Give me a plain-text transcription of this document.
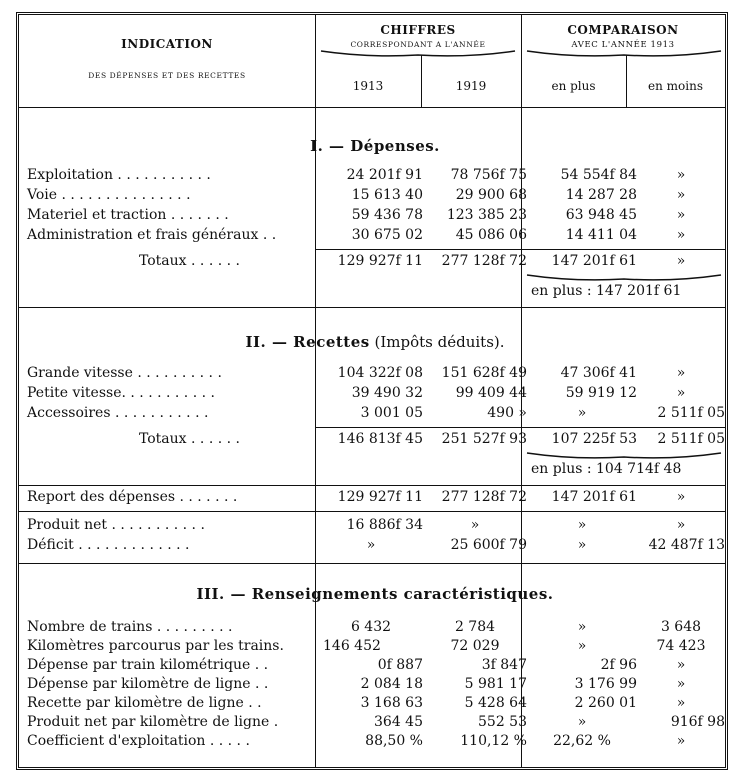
INDICATION
DES DÉPENSES ET DES RECETTES
CHIFFRES
CORRESPONDANT A L'ANNÉE
1913	1919
COMPARAISON
AVEC L'ANNÉE 1913
en plus	en moins
I. — Dépenses.
Exploitation . . . . . . . . . . .	24 201f 91	78 756f 75	54 554f 84	»
Voie . . . . . . . . . . . . . . .	15 613 40	29 900 68	14 287 28	»
Materiel et traction . . . . . . .	59 436 78	123 385 23	63 948 45	»
Administration et frais généraux . .	30 675 02	45 086 06	14 411 04	»
Totaux . . . . . .	129 927f 11	277 128f 72	147 201f 61	»
en plus : 147 201f 61
II. — Recettes (Impôts déduits).
Grande vitesse . . . . . . . . . .	104 322f 08	151 628f 49	47 306f 41	»
Petite vitesse. . . . . . . . . . .	39 490 32	99 409 44	59 919 12	»
Accessoires . . . . . . . . . . .	3 001 05	490 »	»	2 511f 05
Totaux . . . . . .	146 813f 45	251 527f 93	107 225f 53	2 511f 05
en plus : 104 714f 48
Report des dépenses . . . . . . .	129 927f 11	277 128f 72	147 201f 61	»
Produit net . . . . . . . . . . .	16 886f 34	»	»	»
Déficit . . . . . . . . . . . . .	»	25 600f 79	»	42 487f 13
III. — Renseignements caractéristiques.
Nombre de trains . . . . . . . . .	6 432	2 784	»	3 648
Kilomètres parcourus par les trains.	146 452	72 029	»	74 423
Dépense par train kilométrique . .	0f 887	3f 847	2f 96	»
Dépense par kilomètre de ligne . .	2 084 18	5 981 17	3 176 99	»
Recette par kilomètre de ligne . .	3 168 63	5 428 64	2 260 01	»
Produit net par kilomètre de ligne .	364 45	552 53	»	916f 98
Coefficient d'exploitation . . . . .	88,50 %	110,12 %	22,62 %	»
